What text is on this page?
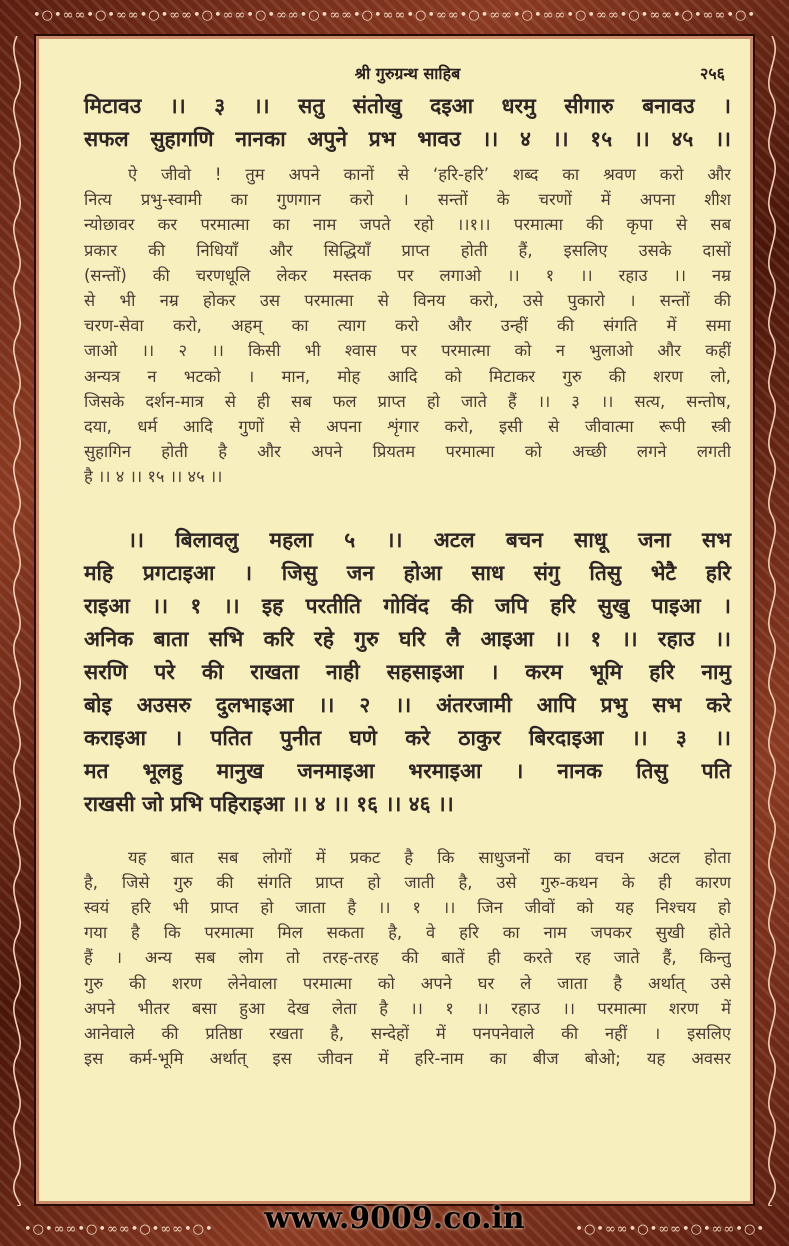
•○•∞∞•○•∞∞•○•∞∞•○•∞∞•○•∞∞•○•∞∞•○•∞∞•○•∞∞•○•∞∞•○•∞∞•○•∞∞•○•∞∞•○•∞∞•○•
श्री गुरुग्रन्थ साहिब	२५६
मिटावउ ।। ३ ।। सतु संतोखु दइआ धरमु सीगारु बनावउ ।
सफल सुहागणि नानका अपुने प्रभ भावउ ।। ४ ।। १५ ।। ४५ ।।
ऐ जीवो ! तुम अपने कानों से ‘हरि-हरि’ शब्द का श्रवण करो और
नित्य प्रभु-स्वामी का गुणगान करो । सन्तों के चरणों में अपना शीश
न्योछावर कर परमात्मा का नाम जपते रहो ।।१।। परमात्मा की कृपा से सब
प्रकार की निधियाँ और सिद्धियाँ प्राप्त होती हैं, इसलिए उसके दासों
(सन्तों) की चरणधूलि लेकर मस्तक पर लगाओ ।। १ ।। रहाउ ।। नम्र
से भी नम्र होकर उस परमात्मा से विनय करो, उसे पुकारो । सन्तों की
चरण-सेवा करो, अहम् का त्याग करो और उन्हीं की संगति में समा
जाओ ।। २ ।। किसी भी श्वास पर परमात्मा को न भुलाओ और कहीं
अन्यत्र न भटको । मान, मोह आदि को मिटाकर गुरु की शरण लो,
जिसके दर्शन-मात्र से ही सब फल प्राप्त हो जाते हैं ।। ३ ।। सत्य, सन्तोष,
दया, धर्म आदि गुणों से अपना शृंगार करो, इसी से जीवात्मा रूपी स्त्री
सुहागिन होती है और अपने प्रियतम परमात्मा को अच्छी लगने लगती
है ।। ४ ।। १५ ।। ४५ ।।
।। बिलावलु महला ५ ।। अटल बचन साधू जना सभ
महि प्रगटाइआ । जिसु जन होआ साध संगु तिसु भेटै हरि
राइआ ।। १ ।। इह परतीति गोविंद की जपि हरि सुखु पाइआ ।
अनिक बाता सभि करि रहे गुरु घरि लै आइआ ।। १ ।। रहाउ ।।
सरणि परे की राखता नाही सहसाइआ । करम भूमि हरि नामु
बोइ अउसरु दुलभाइआ ।। २ ।। अंतरजामी आपि प्रभु सभ करे
कराइआ । पतित पुनीत घणे करे ठाकुर बिरदाइआ ।। ३ ।।
मत भूलहु मानुख जनमाइआ भरमाइआ । नानक तिसु पति
राखसी जो प्रभि पहिराइआ ।। ४ ।। १६ ।। ४६ ।।
यह बात सब लोगों में प्रकट है कि साधुजनों का वचन अटल होता
है, जिसे गुरु की संगति प्राप्त हो जाती है, उसे गुरु-कथन के ही कारण
स्वयं हरि भी प्राप्त हो जाता है ।। १ ।। जिन जीवों को यह निश्चय हो
गया है कि परमात्मा मिल सकता है, वे हरि का नाम जपकर सुखी होते
हैं । अन्य सब लोग तो तरह-तरह की बातें ही करते रह जाते हैं, किन्तु
गुरु की शरण लेनेवाला परमात्मा को अपने घर ले जाता है अर्थात् उसे
अपने भीतर बसा हुआ देख लेता है ।। १ ।। रहाउ ।। परमात्मा शरण में
आनेवाले की प्रतिष्ठा रखता है, सन्देहों में पनपनेवाले की नहीं । इसलिए
इस कर्म-भूमि अर्थात् इस जीवन में हरि-नाम का बीज बोओ; यह अवसर
www.9009.co.in
•○•∞∞•○•∞∞•○•∞∞•○•	•○•∞∞•○•∞∞•○•∞∞•○•
